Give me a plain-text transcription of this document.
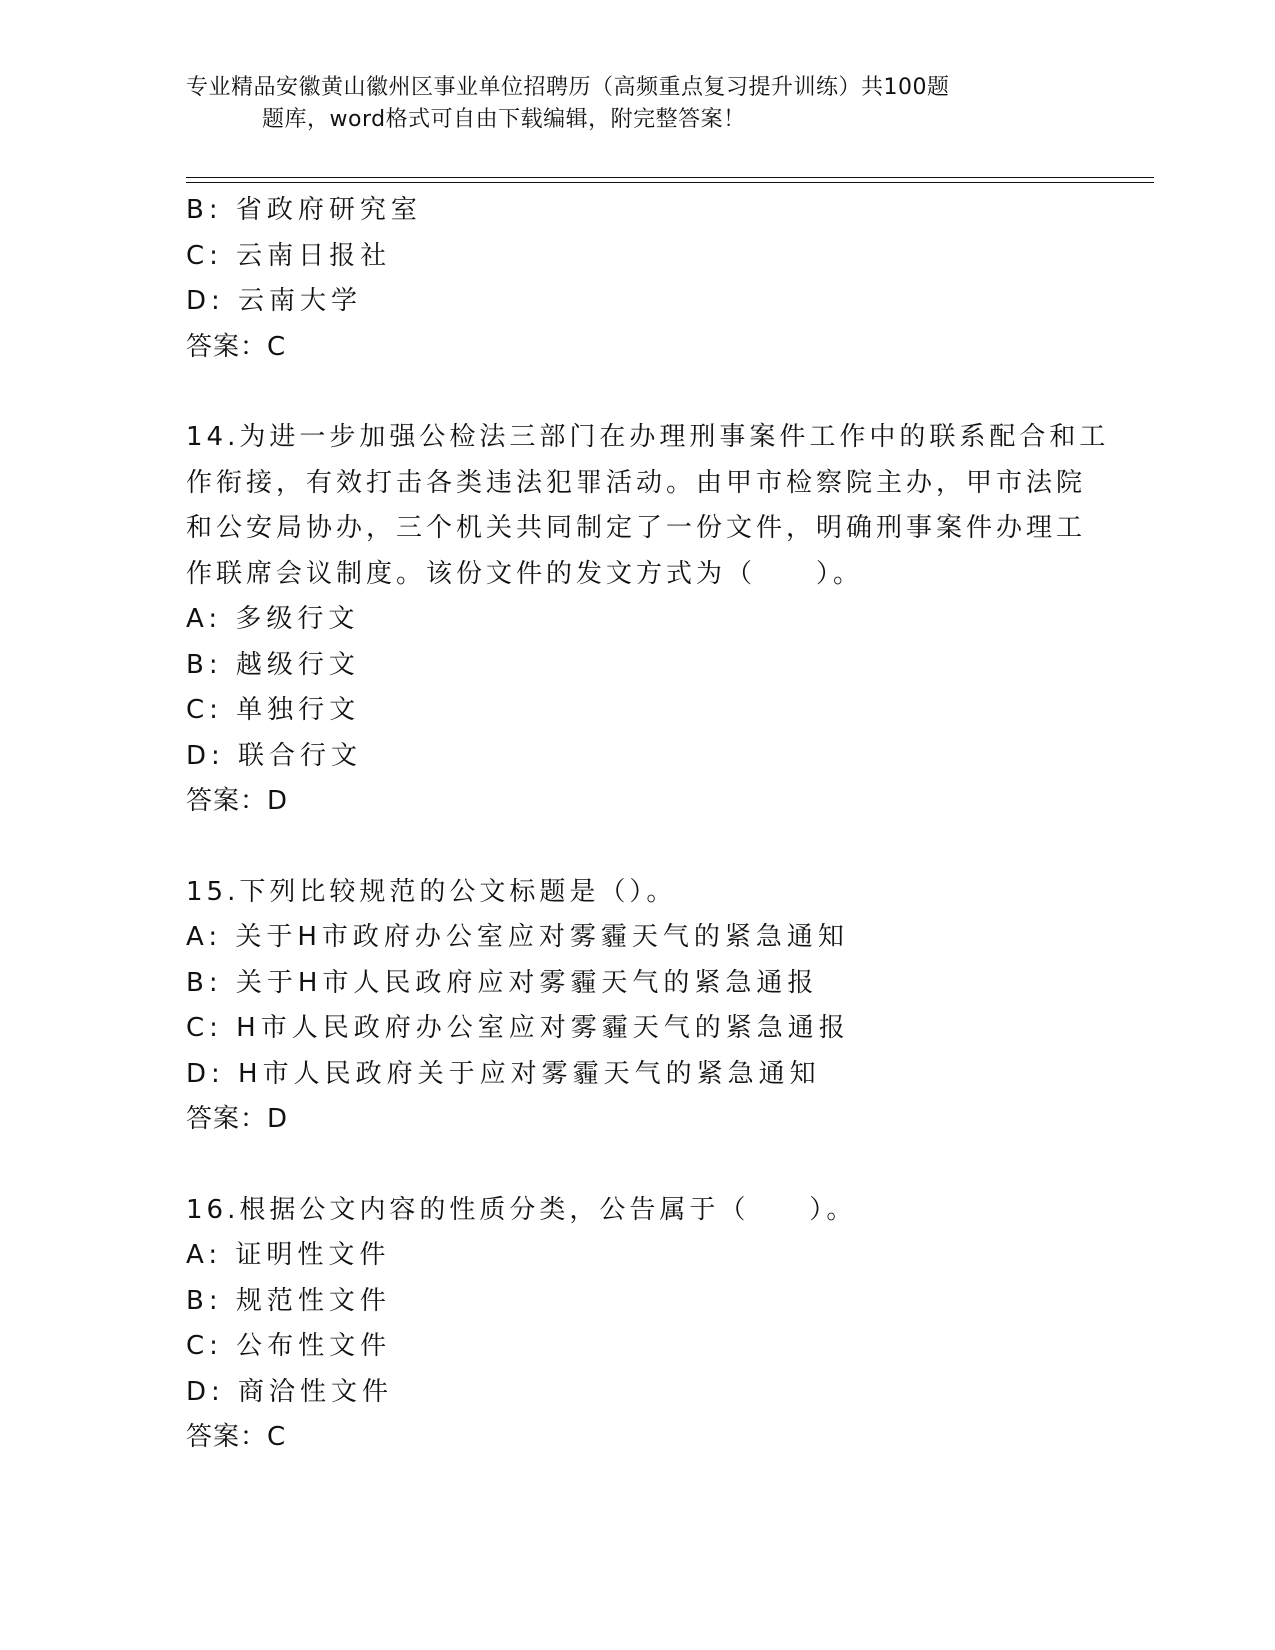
专业精品安徽黄山徽州区事业单位招聘历（高频重点复习提升训练）共100题
题库，word格式可自由下载编辑，附完整答案！
B: 省政府研究室
C: 云南日报社
D: 云南大学
答案：C
14.为进一步加强公检法三部门在办理刑事案件工作中的联系配合和工
作衔接，有效打击各类违法犯罪活动。由甲市检察院主办，甲市法院
和公安局协办，三个机关共同制定了一份文件，明确刑事案件办理工
作联席会议制度。该份文件的发文方式为（　　）。
A: 多级行文
B: 越级行文
C: 单独行文
D: 联合行文
答案：D
15.下列比较规范的公文标题是（）。
A: 关于H市政府办公室应对雾霾天气的紧急通知
B: 关于H市人民政府应对雾霾天气的紧急通报
C: H市人民政府办公室应对雾霾天气的紧急通报
D: H市人民政府关于应对雾霾天气的紧急通知
答案：D
16.根据公文内容的性质分类，公告属于（　　）。
A: 证明性文件
B: 规范性文件
C: 公布性文件
D: 商洽性文件
答案：C
